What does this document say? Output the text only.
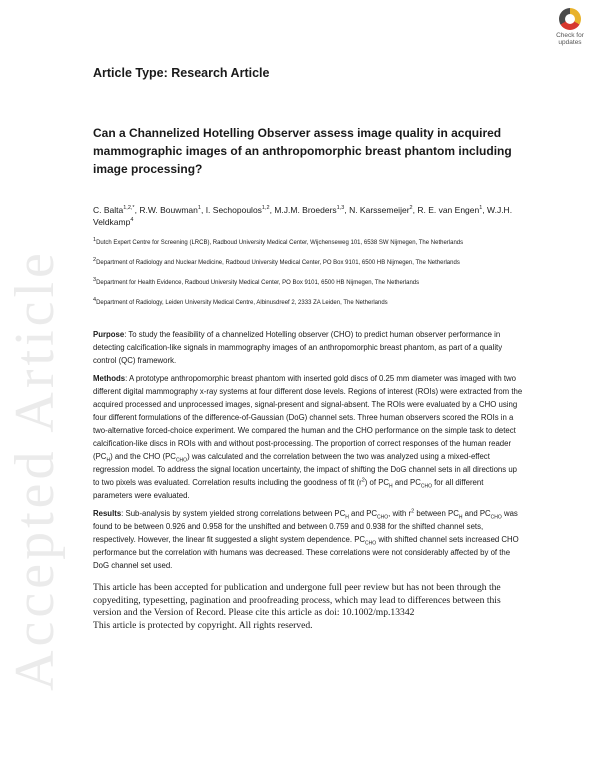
Accepted Article
Check for
updates

Article Type: Research Article

Can a Channelized Hotelling Observer assess image quality in acquired mammographic images of an anthropomorphic breast phantom including image processing?

C. Balta$^{1,2,*}$, R.W. Bouwman$^1$, I. Sechopoulos$^{1,2}$, M.J.M. Broeders$^{1,3}$, N. Karssemeijer$^2$, R. E. van Engen$^1$, W.J.H. Veldkamp$^4$
$^1$Dutch Expert Centre for Screening (LRCB), Radboud University Medical Center, Wijchenseweg 101, 6538 SW Nijmegen, The Netherlands
$^2$Department of Radiology and Nuclear Medicine, Radboud University Medical Center, PO Box 9101, 6500 HB Nijmegen, The Netherlands
$^3$Department for Health Evidence, Radboud University Medical Center, PO Box 9101, 6500 HB Nijmegen, The Netherlands
$^4$Department of Radiology, Leiden University Medical Centre, Albinusdreef 2, 2333 ZA Leiden, The Netherlands
Purpose: To study the feasibility of a channelized Hotelling observer (CHO) to predict human observer performance in detecting calcification-like signals in mammography images of an anthropomorphic breast phantom, as part of a quality control (QC) framework.
Methods: A prototype anthropomorphic breast phantom with inserted gold discs of 0.25 mm diameter was imaged with two different digital mammography x-ray systems at four different dose levels. Regions of interest (ROIs) were extracted from the acquired processed and unprocessed images, signal-present and signal-absent. The ROIs were evaluated by a CHO using four different formulations of the difference-of-Gaussian (DoG) channel sets. Three human observers scored the ROIs in a two-alternative forced-choice experiment. We compared the human and the CHO performance on the simple task to detect calcification-like discs in ROIs with and without post-processing. The proportion of correct responses of the human reader $(PC_H)$ and the CHO $(PC_{CHO})$ was calculated and the correlation between the two was analyzed using a mixed-effect regression model. To address the signal location uncertainty, the impact of shifting the DoG channel sets in all directions up to two pixels was evaluated. Correlation results including the goodness of fit $(r^2)$ of $PC_H$ and $PC_{CHO}$ for all different parameters were evaluated.
Results: Sub-analysis by system yielded strong correlations between $PC_H$ and $PC_{CHO}$, with $r^2$ between $PC_H$ and $PC_{CHO}$ was found to be between 0.926 and 0.958 for the unshifted and between 0.759 and 0.938 for the shifted channel sets, respectively. However, the linear fit suggested a slight system dependence. $PC_{CHO}$ with shifted channel sets increased CHO performance but the correlation with humans was decreased. These correlations were not considerably affected by of the DoG channel set used.
This article has been accepted for publication and undergone full peer review but has not been through the copyediting, typesetting, pagination and proofreading process, which may lead to differences between this version and the Version of Record. Please cite this article as doi: 10.1002/mp.13342
This article is protected by copyright. All rights reserved.
